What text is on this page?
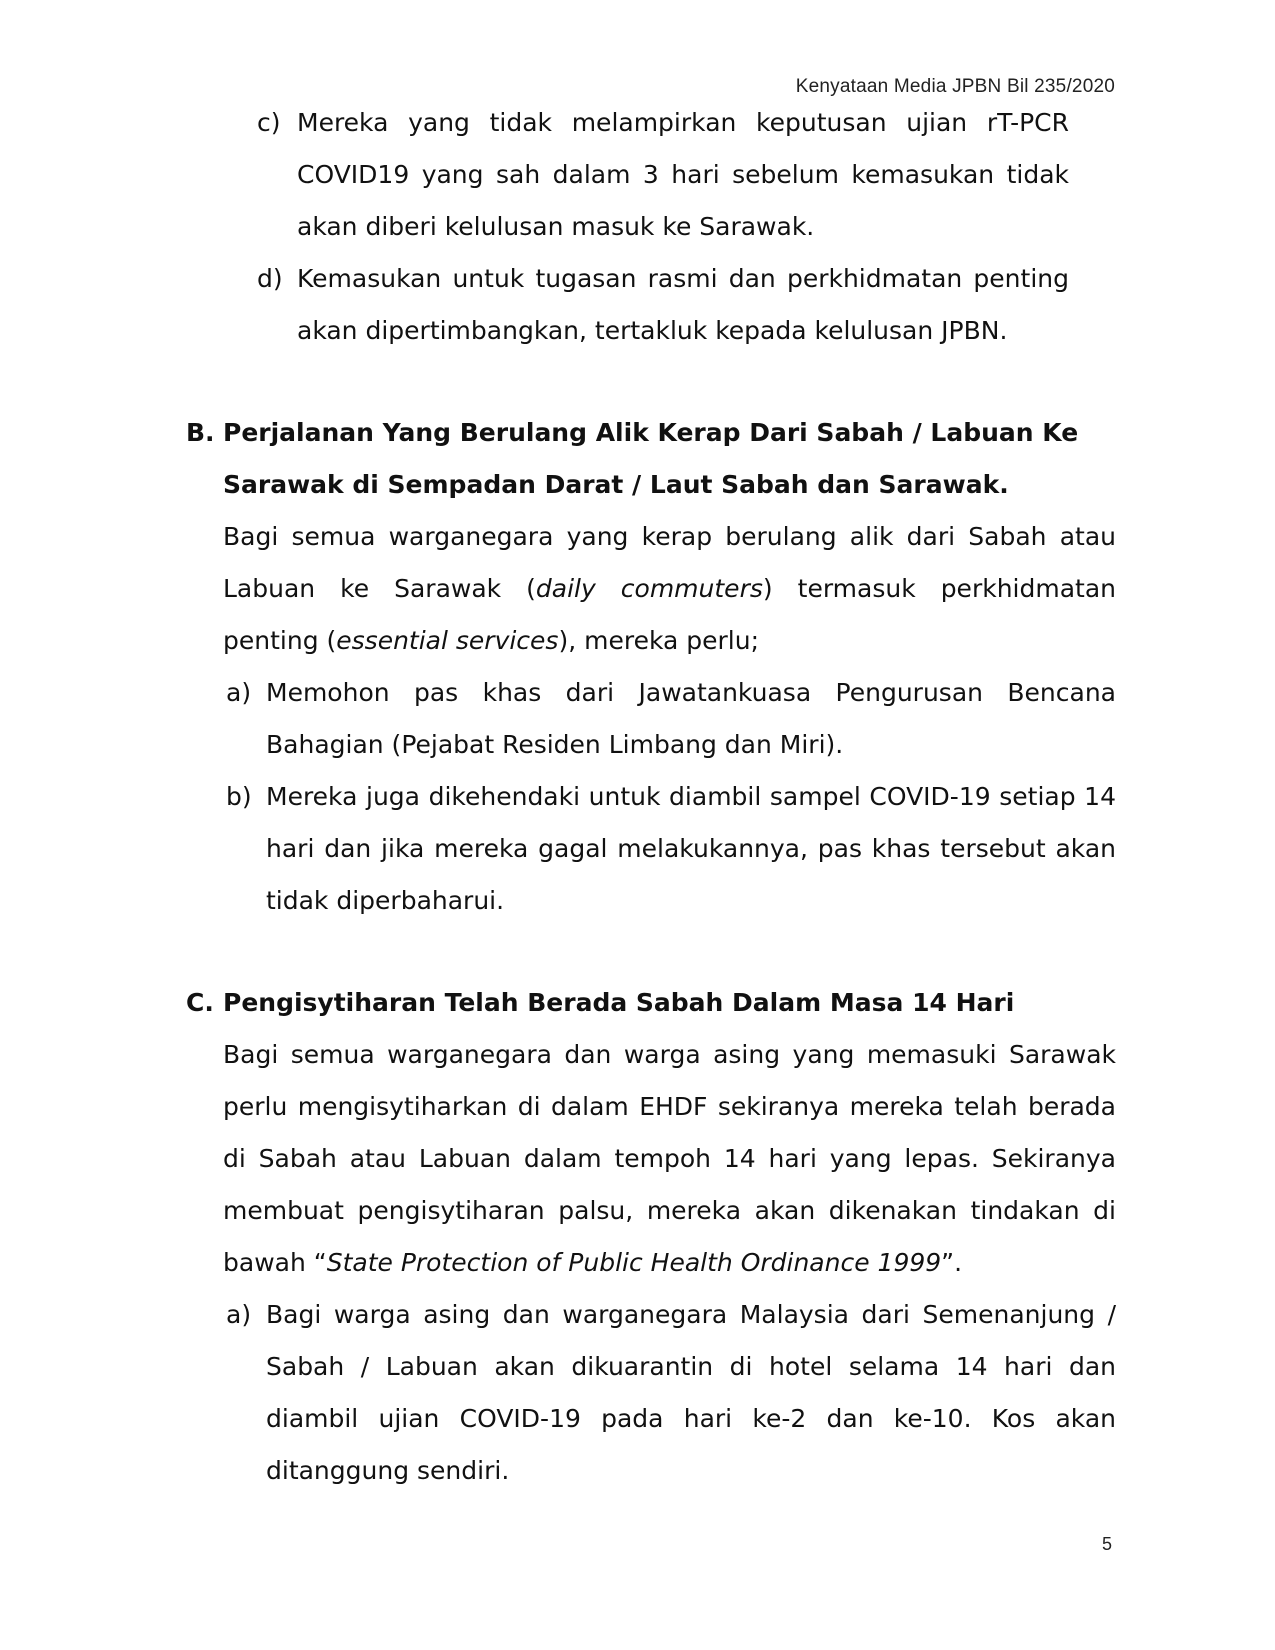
Kenyataan Media JPBN Bil 235/2020

c) Mereka yang tidak melampirkan keputusan ujian rT-PCR COVID19 yang sah dalam 3 hari sebelum kemasukan tidak akan diberi kelulusan masuk ke Sarawak.

d) Kemasukan untuk tugasan rasmi dan perkhidmatan penting akan dipertimbangkan, tertakluk kepada kelulusan JPBN.

B. Perjalanan Yang Berulang Alik Kerap Dari Sabah / Labuan Ke Sarawak di Sempadan Darat / Laut Sabah dan Sarawak.

Bagi semua warganegara yang kerap berulang alik dari Sabah atau Labuan ke Sarawak (daily commuters) termasuk perkhidmatan penting (essential services), mereka perlu;

a) Memohon pas khas dari Jawatankuasa Pengurusan Bencana Bahagian (Pejabat Residen Limbang dan Miri).

b) Mereka juga dikehendaki untuk diambil sampel COVID-19 setiap 14 hari dan jika mereka gagal melakukannya, pas khas tersebut akan tidak diperbaharui.

C. Pengisytiharan Telah Berada Sabah Dalam Masa 14 Hari

Bagi semua warganegara dan warga asing yang memasuki Sarawak perlu mengisytiharkan di dalam EHDF sekiranya mereka telah berada di Sabah atau Labuan dalam tempoh 14 hari yang lepas. Sekiranya membuat pengisytiharan palsu, mereka akan dikenakan tindakan di bawah “State Protection of Public Health Ordinance 1999”.

a) Bagi warga asing dan warganegara Malaysia dari Semenanjung / Sabah / Labuan akan dikuarantin di hotel selama 14 hari dan diambil ujian COVID-19 pada hari ke-2 dan ke-10. Kos akan ditanggung sendiri.

5
